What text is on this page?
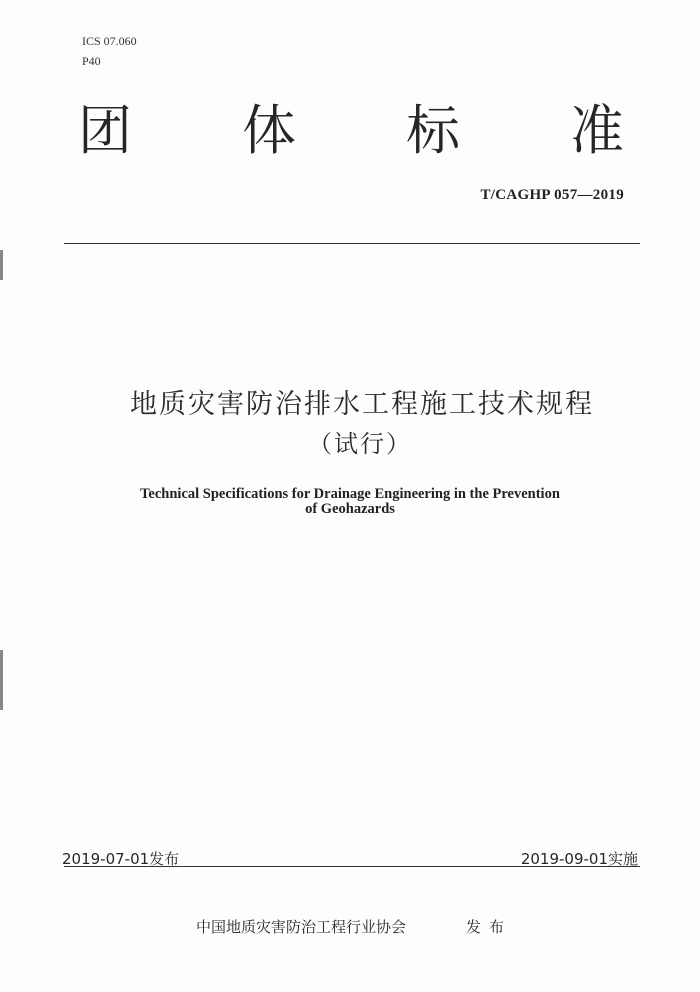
ICS 07.060
P40
团 体 标 准
T/CAGHP 057—2019
地质灾害防治排水工程施工技术规程
（试行）
Technical Specifications for Drainage Engineering in the Prevention
of Geohazards
2019-07-01发布	2019-09-01实施
中国地质灾害防治工程行业协会	发布
